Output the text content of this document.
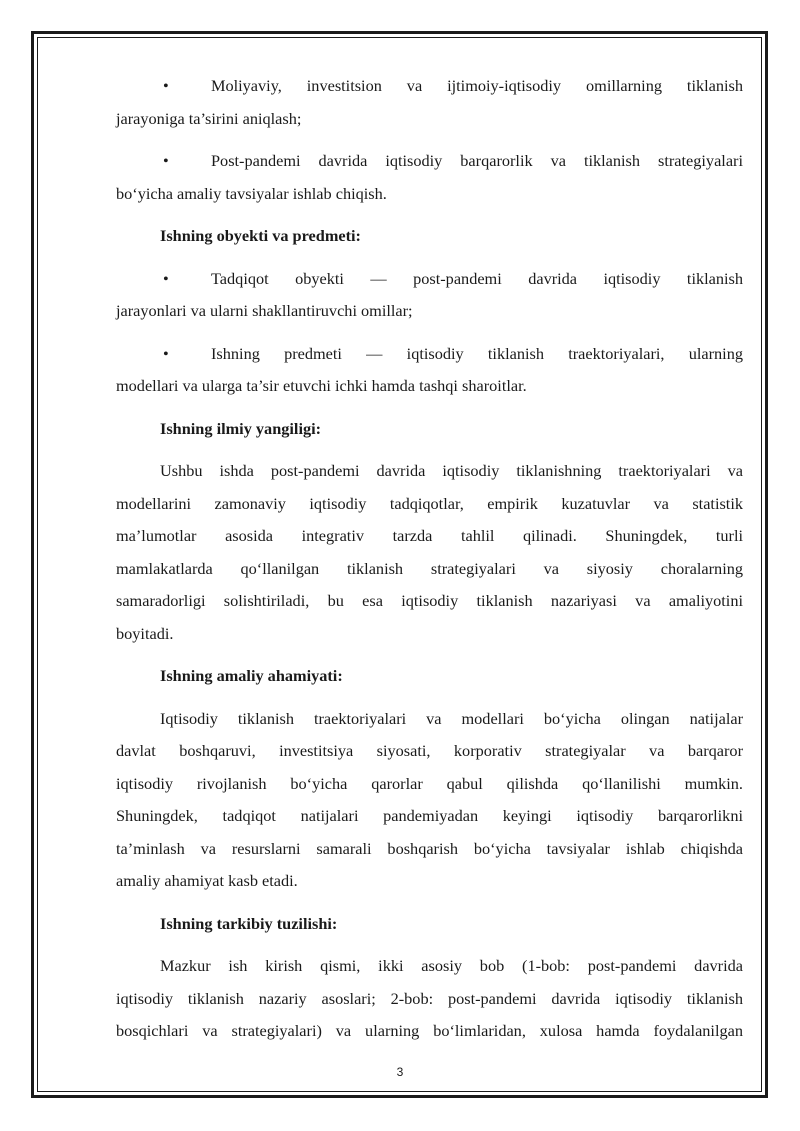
•	Moliyaviy, investitsion va ijtimoiy-iqtisodiy omillarning tiklanish
jarayoniga ta’sirini aniqlash;
•	Post-pandemi davrida iqtisodiy barqarorlik va tiklanish strategiyalari
bo‘yicha amaliy tavsiyalar ishlab chiqish.
Ishning obyekti va predmeti:
•	Tadqiqot obyekti — post-pandemi davrida iqtisodiy tiklanish
jarayonlari va ularni shakllantiruvchi omillar;
•	Ishning predmeti — iqtisodiy tiklanish traektoriyalari, ularning
modellari va ularga ta’sir etuvchi ichki hamda tashqi sharoitlar.
Ishning ilmiy yangiligi:
Ushbu ishda post-pandemi davrida iqtisodiy tiklanishning traektoriyalari va
modellarini zamonaviy iqtisodiy tadqiqotlar, empirik kuzatuvlar va statistik
ma’lumotlar asosida integrativ tarzda tahlil qilinadi. Shuningdek, turli
mamlakatlarda qo‘llanilgan tiklanish strategiyalari va siyosiy choralarning
samaradorligi solishtiriladi, bu esa iqtisodiy tiklanish nazariyasi va amaliyotini
boyitadi.
Ishning amaliy ahamiyati:
Iqtisodiy tiklanish traektoriyalari va modellari bo‘yicha olingan natijalar
davlat boshqaruvi, investitsiya siyosati, korporativ strategiyalar va barqaror
iqtisodiy rivojlanish bo‘yicha qarorlar qabul qilishda qo‘llanilishi mumkin.
Shuningdek, tadqiqot natijalari pandemiyadan keyingi iqtisodiy barqarorlikni
ta’minlash va resurslarni samarali boshqarish bo‘yicha tavsiyalar ishlab chiqishda
amaliy ahamiyat kasb etadi.
Ishning tarkibiy tuzilishi:
Mazkur ish kirish qismi, ikki asosiy bob (1-bob: post-pandemi davrida
iqtisodiy tiklanish nazariy asoslari; 2-bob: post-pandemi davrida iqtisodiy tiklanish
bosqichlari va strategiyalari) va ularning bo‘limlaridan, xulosa hamda foydalanilgan
3
